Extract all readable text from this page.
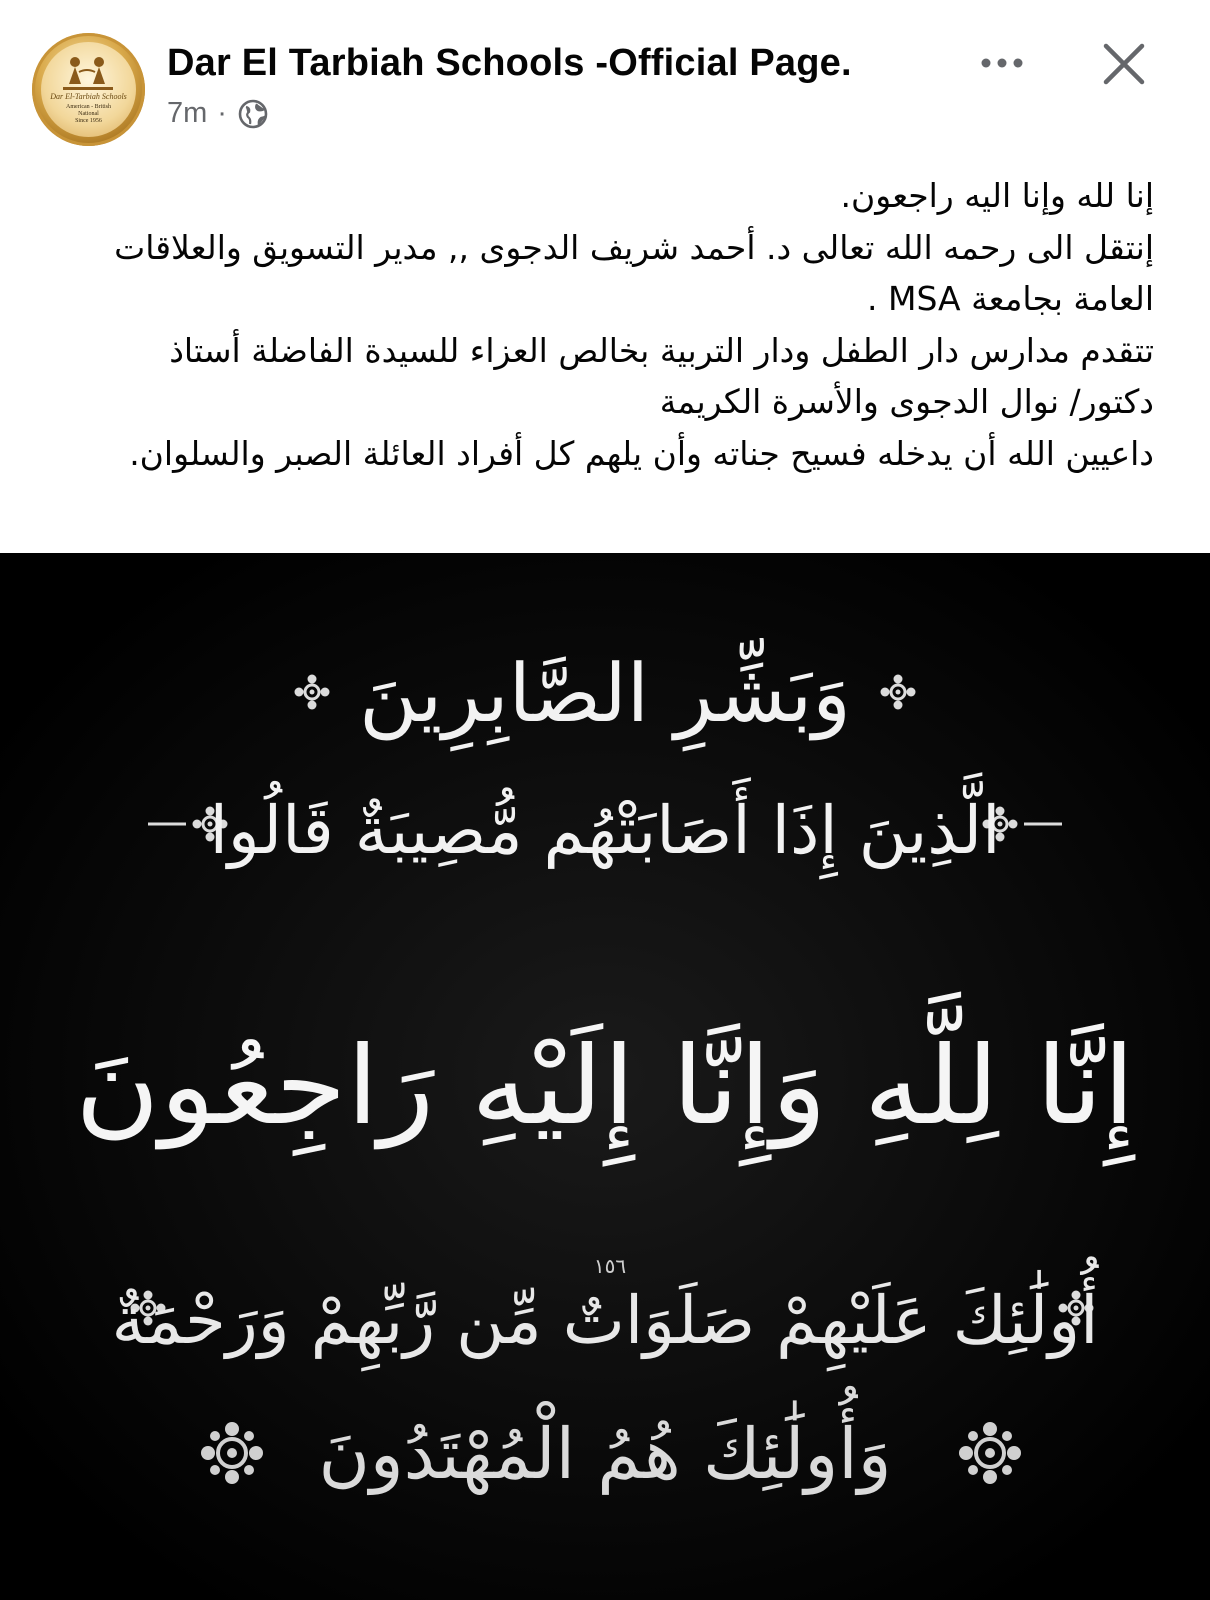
Dar El-Tarbiah Schools
American - British
National
Since 1956
Dar El Tarbiah Schools -Official Page.
7m ·

إنا لله وإنا اليه راجعون.

إنتقل الى رحمه الله تعالى د. أحمد شريف الدجوى ,, مدير التسويق والعلاقات العامة بجامعة MSA .

تتقدم مدارس دار الطفل ودار التربية بخالص العزاء للسيدة الفاضلة أستاذ دكتور/ نوال الدجوى والأسرة الكريمة

داعيين الله أن يدخله فسيح جناته وأن يلهم كل أفراد العائلة الصبر والسلوان.

وَبَشِّرِ الصَّابِرِينَ
الَّذِينَ إِذَا أَصَابَتْهُم مُّصِيبَةٌ قَالُوا
إِنَّا لِلَّهِ وَإِنَّا إِلَيْهِ رَاجِعُونَ
١٥٦
أُولَٰئِكَ عَلَيْهِمْ صَلَوَاتٌ مِّن رَّبِّهِمْ وَرَحْمَةٌ
وَأُولَٰئِكَ هُمُ الْمُهْتَدُونَ
